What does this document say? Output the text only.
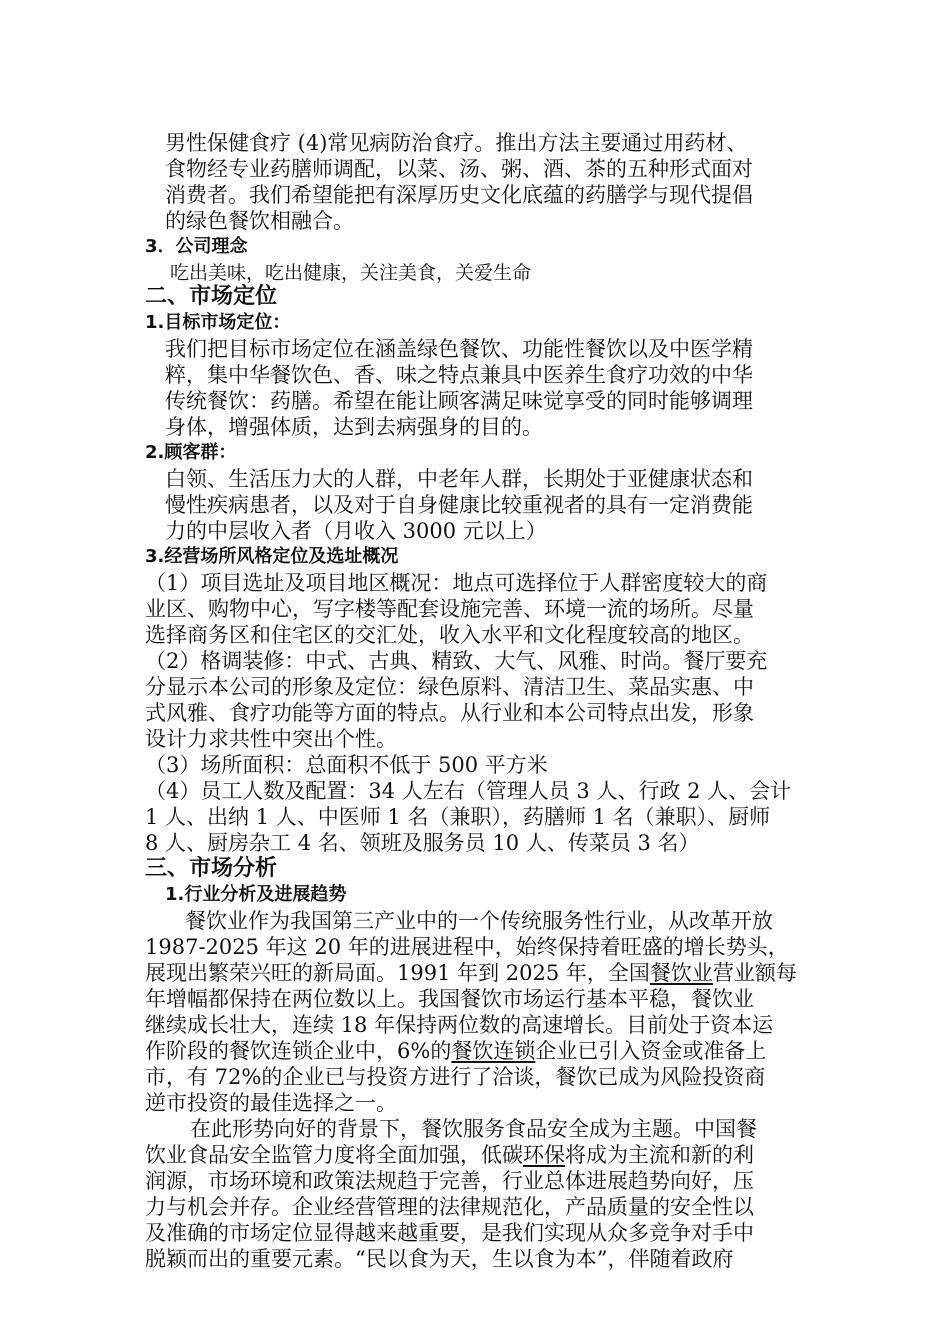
男性保健食疗 (4)常见病防治食疗。推出方法主要通过用药材、
食物经专业药膳师调配，以菜、汤、粥、酒、茶的五种形式面对
消费者。我们希望能把有深厚历史文化底蕴的药膳学与现代提倡
的绿色餐饮相融合。
3．公司理念
吃出美味，吃出健康，关注美食，关爱生命
二、市场定位
1.目标市场定位：
我们把目标市场定位在涵盖绿色餐饮、功能性餐饮以及中医学精
粹，集中华餐饮色、香、味之特点兼具中医养生食疗功效的中华
传统餐饮：药膳。希望在能让顾客满足味觉享受的同时能够调理
身体，增强体质，达到去病强身的目的。
2.顾客群：
白领、生活压力大的人群，中老年人群，长期处于亚健康状态和
慢性疾病患者，以及对于自身健康比较重视者的具有一定消费能
力的中层收入者（月收入 3000 元以上）
3.经营场所风格定位及选址概况
（1）项目选址及项目地区概况：地点可选择位于人群密度较大的商
业区、购物中心，写字楼等配套设施完善、环境一流的场所。尽量
选择商务区和住宅区的交汇处，收入水平和文化程度较高的地区。
（2）格调装修：中式、古典、精致、大气、风雅、时尚。餐厅要充
分显示本公司的形象及定位：绿色原料、清洁卫生、菜品实惠、中
式风雅、食疗功能等方面的特点。从行业和本公司特点出发，形象
设计力求共性中突出个性。
（3）场所面积：总面积不低于 500 平方米
（4）员工人数及配置：34 人左右（管理人员 3 人、行政 2 人、会计
1 人、出纳 1 人、中医师 1 名（兼职），药膳师 1 名（兼职）、厨师
8 人、厨房杂工 4 名、领班及服务员 10 人、传菜员 3 名）
三、市场分析
1.行业分析及进展趋势
餐饮业作为我国第三产业中的一个传统服务性行业，从改革开放
1987-2025 年这 20 年的进展进程中，始终保持着旺盛的增长势头，
展现出繁荣兴旺的新局面。1991 年到 2025 年，全国餐饮业营业额每
年增幅都保持在两位数以上。我国餐饮市场运行基本平稳，餐饮业
继续成长壮大，连续 18 年保持两位数的高速增长。目前处于资本运
作阶段的餐饮连锁企业中，6%的餐饮连锁企业已引入资金或准备上
市，有 72%的企业已与投资方进行了洽谈，餐饮已成为风险投资商
逆市投资的最佳选择之一。
在此形势向好的背景下，餐饮服务食品安全成为主题。中国餐
饮业食品安全监管力度将全面加强，低碳环保将成为主流和新的利
润源，市场环境和政策法规趋于完善，行业总体进展趋势向好，压
力与机会并存。企业经营管理的法律规范化，产品质量的安全性以
及准确的市场定位显得越来越重要，是我们实现从众多竞争对手中
脱颖而出的重要元素。“民以食为天，生以食为本”，伴随着政府
